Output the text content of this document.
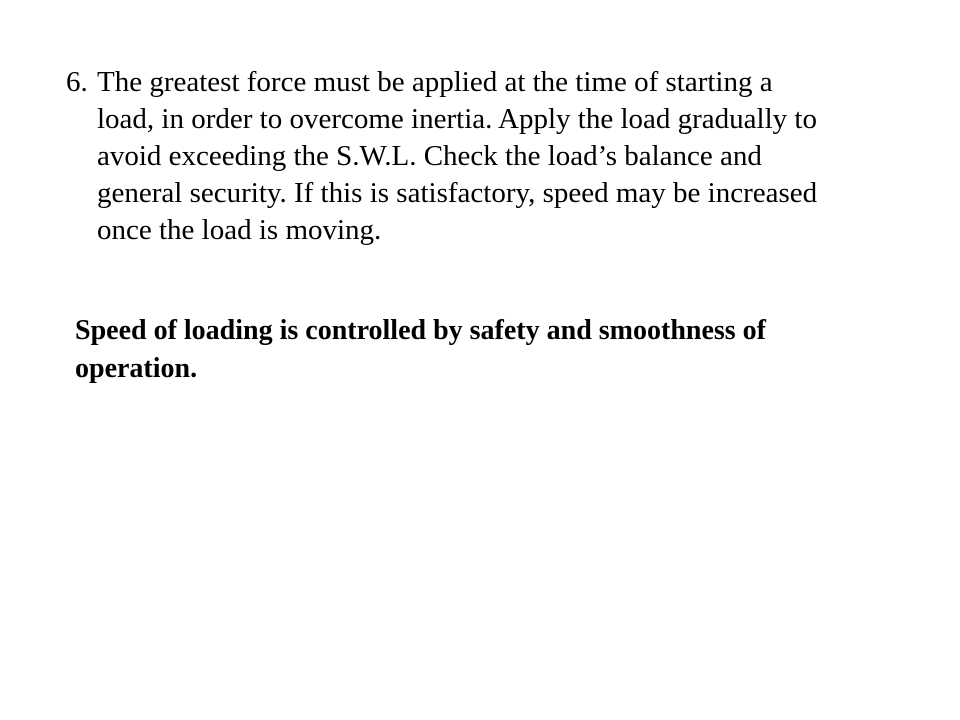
6. The greatest force must be applied at the time of starting a
load, in order to overcome inertia. Apply the load gradually to
avoid exceeding the S.W.L. Check the load’s balance and
general security. If this is satisfactory, speed may be increased
once the load is moving.
Speed of loading is controlled by safety and smoothness of
operation.
